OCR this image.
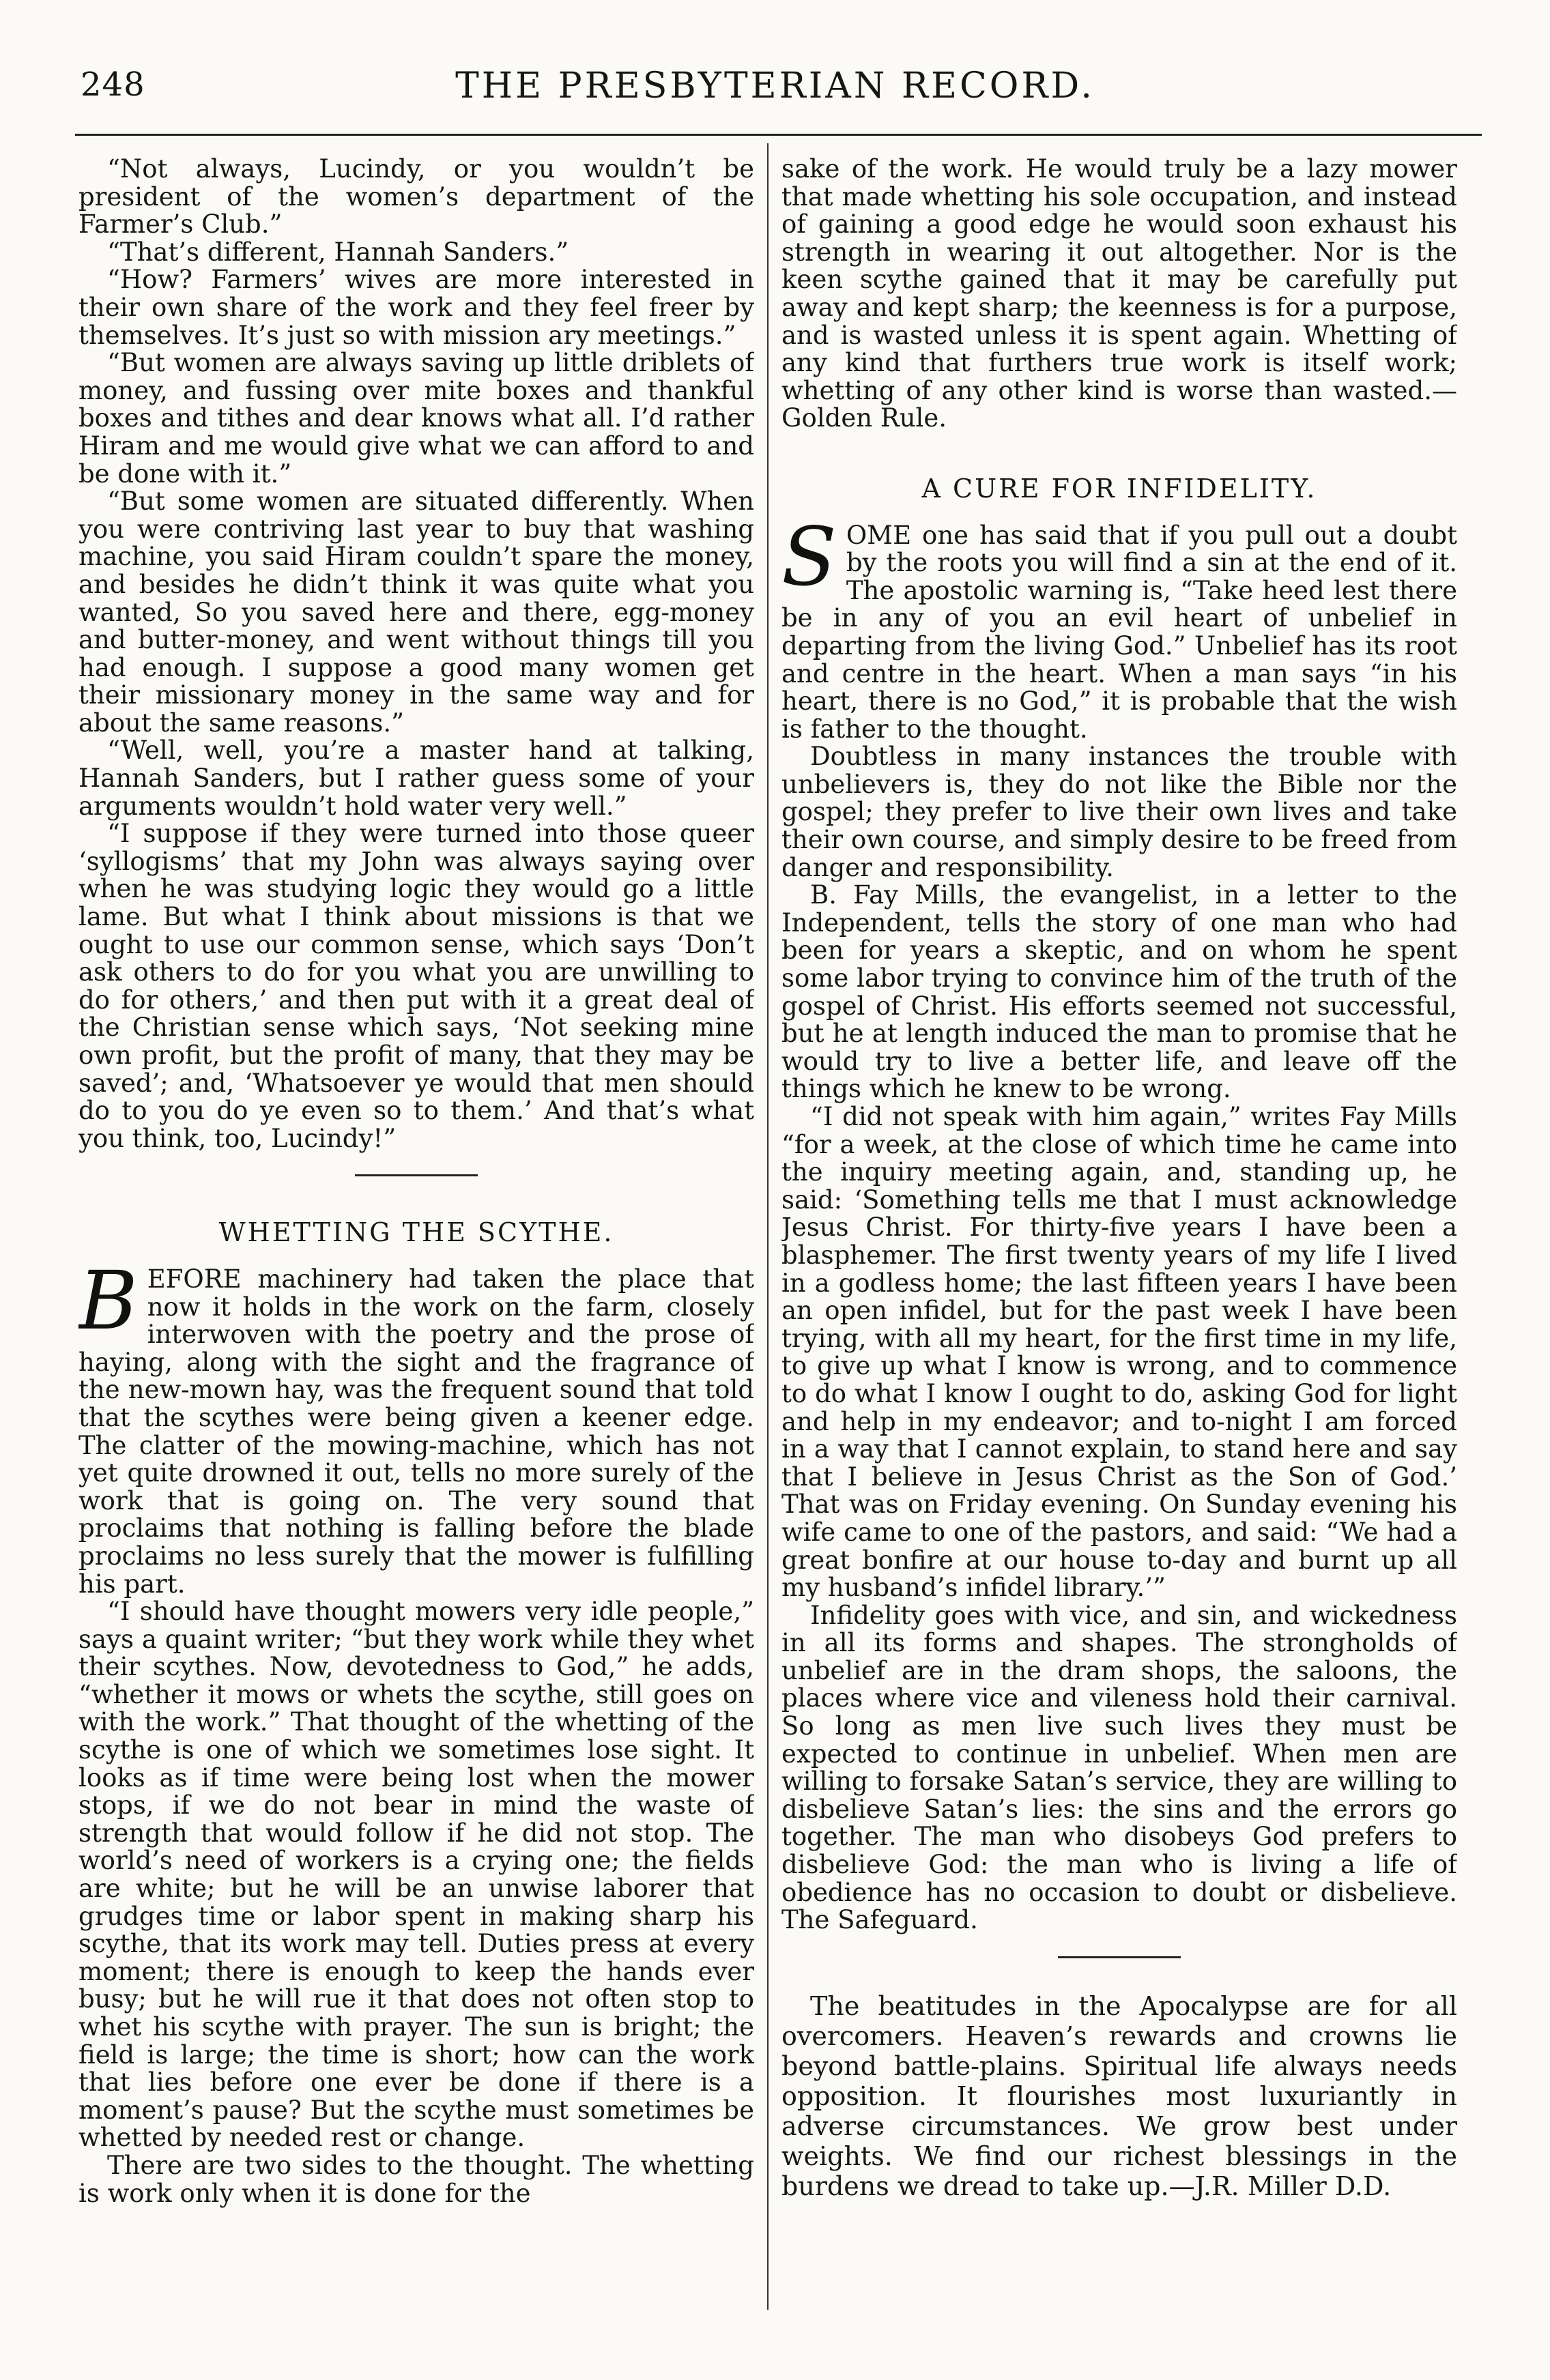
248	THE PRESBYTERIAN RECORD.

“Not always, Lucindy, or you wouldn’t be president of the women’s department of the Farmer’s Club.”

“That’s different, Hannah Sanders.”

“How? Farmers’ wives are more interested in their own share of the work and they feel freer by themselves. It’s just so with mission ary meetings.”

“But women are always saving up little driblets of money, and fussing over mite boxes and thankful boxes and tithes and dear knows what all. I’d rather Hiram and me would give what we can afford to and be done with it.”

“But some women are situated differently. When you were contriving last year to buy that washing machine, you said Hiram couldn’t spare the money, and besides he didn’t think it was quite what you wanted, So you saved here and there, egg-money and butter-money, and went without things till you had enough. I suppose a good many women get their missionary money in the same way and for about the same reasons.”

“Well, well, you’re a master hand at talking, Hannah Sanders, but I rather guess some of your arguments wouldn’t hold water very well.”

“I suppose if they were turned into those queer ‘syllogisms’ that my John was always saying over when he was studying logic they would go a little lame. But what I think about missions is that we ought to use our common sense, which says ‘Don’t ask others to do for you what you are unwilling to do for others,’ and then put with it a great deal of the Christian sense which says, ‘Not seeking mine own profit, but the profit of many, that they may be saved’; and, ‘Whatsoever ye would that men should do to you do ye even so to them.’ And that’s what you think, too, Lucindy!”

WHETTING THE SCYTHE.

BEFORE machinery had taken the place that now it holds in the work on the farm, closely interwoven with the poetry and the prose of haying, along with the sight and the fragrance of the new-mown hay, was the frequent sound that told that the scythes were being given a keener edge. The clatter of the mowing-machine, which has not yet quite drowned it out, tells no more surely of the work that is going on. The very sound that proclaims that nothing is falling before the blade proclaims no less surely that the mower is fulfilling his part.

“I should have thought mowers very idle people,” says a quaint writer; “but they work while they whet their scythes. Now, devotedness to God,” he adds, “whether it mows or whets the scythe, still goes on with the work.” That thought of the whetting of the scythe is one of which we sometimes lose sight. It looks as if time were being lost when the mower stops, if we do not bear in mind the waste of strength that would follow if he did not stop. The world’s need of workers is a crying one; the fields are white; but he will be an unwise laborer that grudges time or labor spent in making sharp his scythe, that its work may tell. Duties press at every moment; there is enough to keep the hands ever busy; but he will rue it that does not often stop to whet his scythe with prayer. The sun is bright; the field is large; the time is short; how can the work that lies before one ever be done if there is a moment’s pause? But the scythe must sometimes be whetted by needed rest or change.

There are two sides to the thought. The whetting is work only when it is done for the

sake of the work. He would truly be a lazy mower that made whetting his sole occupation, and instead of gaining a good edge he would soon exhaust his strength in wearing it out altogether. Nor is the keen scythe gained that it may be carefully put away and kept sharp; the keenness is for a purpose, and is wasted unless it is spent again. Whetting of any kind that furthers true work is itself work; whetting of any other kind is worse than wasted.—Golden Rule.

A CURE FOR INFIDELITY.

SOME one has said that if you pull out a doubt by the roots you will find a sin at the end of it. The apostolic warning is, “Take heed lest there be in any of you an evil heart of unbelief in departing from the living God.” Unbelief has its root and centre in the heart. When a man says “in his heart, there is no God,” it is probable that the wish is father to the thought.

Doubtless in many instances the trouble with unbelievers is, they do not like the Bible nor the gospel; they prefer to live their own lives and take their own course, and simply desire to be freed from danger and responsibility.

B. Fay Mills, the evangelist, in a letter to the Independent, tells the story of one man who had been for years a skeptic, and on whom he spent some labor trying to convince him of the truth of the gospel of Christ. His efforts seemed not successful, but he at length induced the man to promise that he would try to live a better life, and leave off the things which he knew to be wrong.

“I did not speak with him again,” writes Fay Mills “for a week, at the close of which time he came into the inquiry meeting again, and, standing up, he said: ‘Something tells me that I must acknowledge Jesus Christ. For thirty-five years I have been a blasphemer. The first twenty years of my life I lived in a godless home; the last fifteen years I have been an open infidel, but for the past week I have been trying, with all my heart, for the first time in my life, to give up what I know is wrong, and to commence to do what I know I ought to do, asking God for light and help in my endeavor; and to-night I am forced in a way that I cannot explain, to stand here and say that I believe in Jesus Christ as the Son of God.’ That was on Friday evening. On Sunday evening his wife came to one of the pastors, and said: “We had a great bonfire at our house to-day and burnt up all my husband’s infidel library.’”

Infidelity goes with vice, and sin, and wickedness in all its forms and shapes. The strongholds of unbelief are in the dram shops, the saloons, the places where vice and vileness hold their carnival. So long as men live such lives they must be expected to continue in unbelief. When men are willing to forsake Satan’s service, they are willing to disbelieve Satan’s lies: the sins and the errors go together. The man who disobeys God prefers to disbelieve God: the man who is living a life of obedience has no occasion to doubt or disbelieve. The Safeguard.

The beatitudes in the Apocalypse are for all overcomers. Heaven’s rewards and crowns lie beyond battle-plains. Spiritual life always needs opposition. It flourishes most luxuriantly in adverse circumstances. We grow best under weights. We find our richest blessings in the burdens we dread to take up.—J.R. Miller D.D.
